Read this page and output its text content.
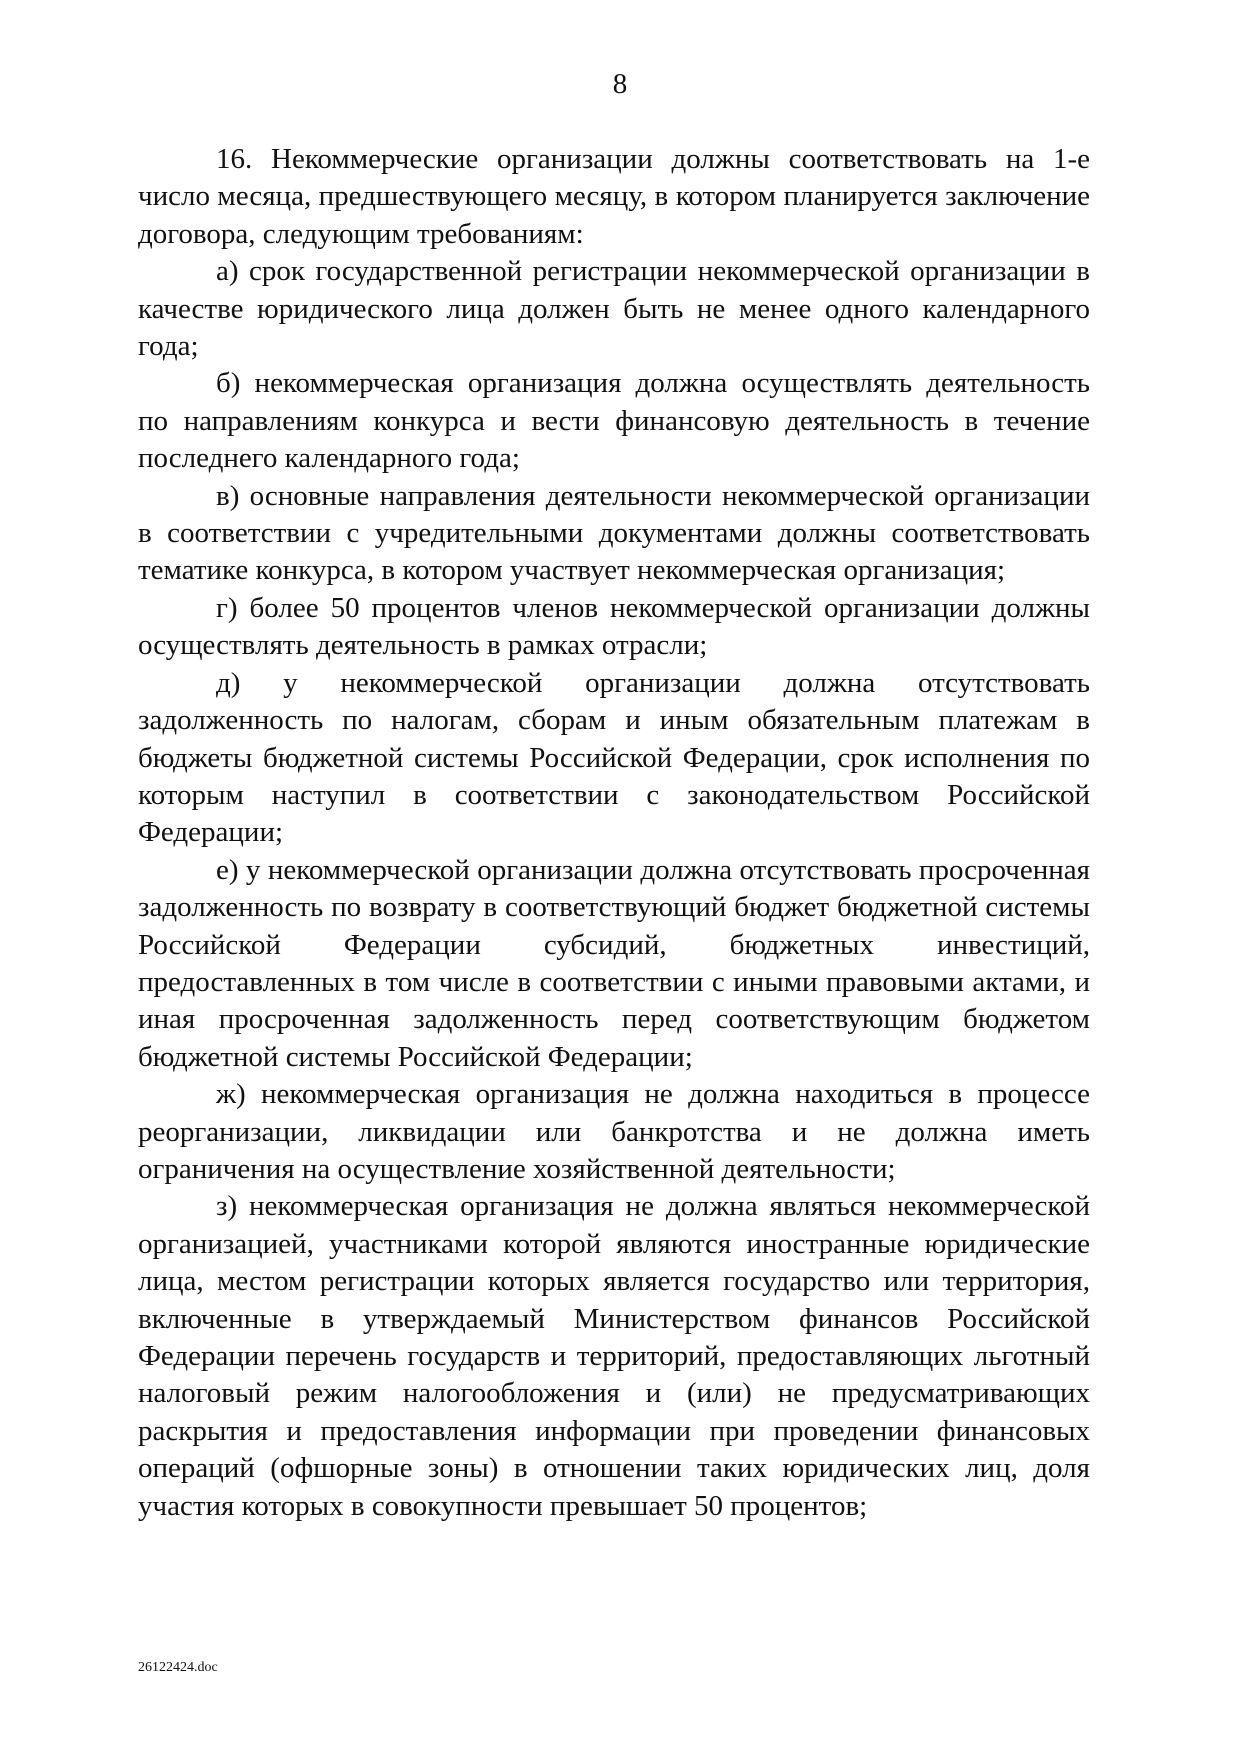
8

16. Некоммерческие организации должны соответствовать на 1-е число месяца, предшествующего месяцу, в котором планируется заключение договора, следующим требованиям:

а) срок государственной регистрации некоммерческой организации в качестве юридического лица должен быть не менее одного календарного года;

б) некоммерческая организация должна осуществлять деятельность по направлениям конкурса и вести финансовую деятельность в течение последнего календарного года;

в) основные направления деятельности некоммерческой организации в соответствии с учредительными документами должны соответствовать тематике конкурса, в котором участвует некоммерческая организация;

г) более 50 процентов членов некоммерческой организации должны осуществлять деятельность в рамках отрасли;

д) у некоммерческой организации должна отсутствовать задолженность по налогам, сборам и иным обязательным платежам в бюджеты бюджетной системы Российской Федерации, срок исполнения по которым наступил в соответствии с законодательством Российской Федерации;

е) у некоммерческой организации должна отсутствовать просроченная задолженность по возврату в соответствующий бюджет бюджетной системы Российской Федерации субсидий, бюджетных инвестиций, предоставленных в том числе в соответствии с иными правовыми актами, и иная просроченная задолженность перед соответствующим бюджетом бюджетной системы Российской Федерации;

ж) некоммерческая организация не должна находиться в процессе реорганизации, ликвидации или банкротства и не должна иметь ограничения на осуществление хозяйственной деятельности;

з) некоммерческая организация не должна являться некоммерческой организацией, участниками которой являются иностранные юридические лица, местом регистрации которых является государство или территория, включенные в утверждаемый Министерством финансов Российской Федерации перечень государств и территорий, предоставляющих льготный налоговый режим налогообложения и (или) не предусматривающих раскрытия и предоставления информации при проведении финансовых операций (офшорные зоны) в отношении таких юридических лиц, доля участия которых в совокупности превышает 50 процентов;

26122424.doc
